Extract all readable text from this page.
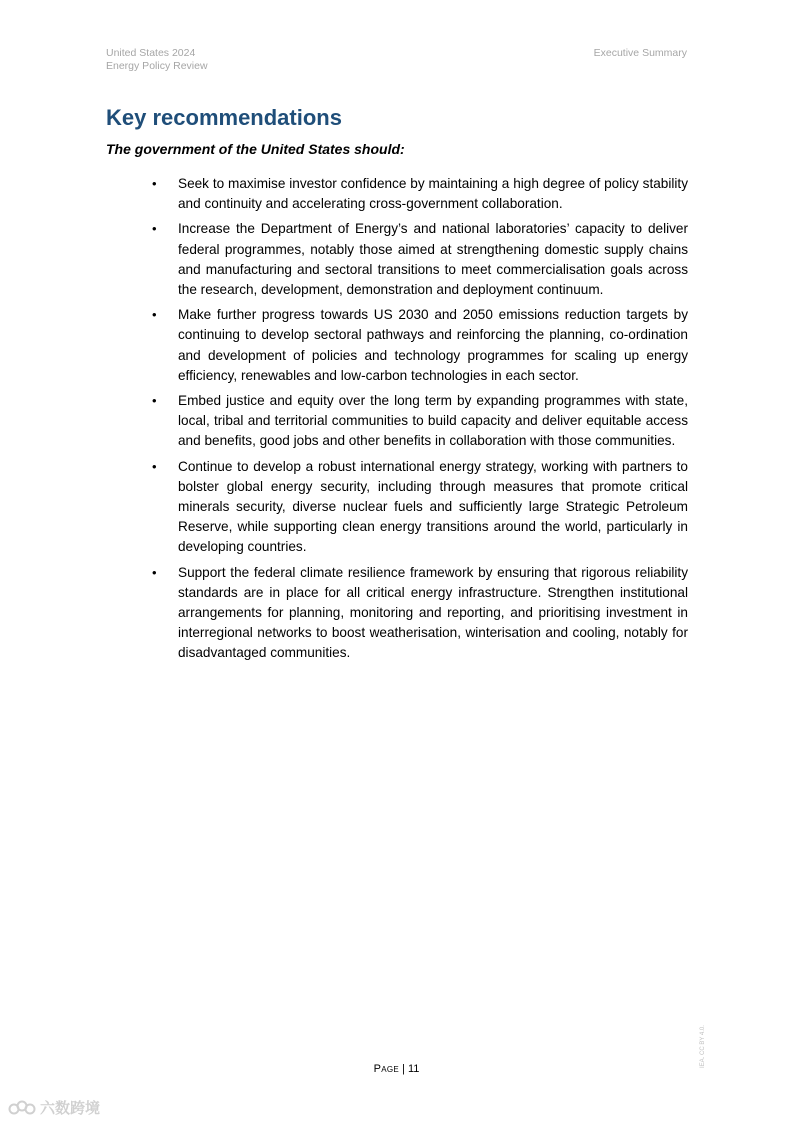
United States 2024
Energy Policy Review
Executive Summary
Key recommendations

The government of the United States should:

• Seek to maximise investor confidence by maintaining a high degree of policy stability and continuity and accelerating cross-government collaboration.
• Increase the Department of Energy’s and national laboratories’ capacity to deliver federal programmes, notably those aimed at strengthening domestic supply chains and manufacturing and sectoral transitions to meet commercialisation goals across the research, development, demonstration and deployment continuum.
• Make further progress towards US 2030 and 2050 emissions reduction targets by continuing to develop sectoral pathways and reinforcing the planning, co-ordination and development of policies and technology programmes for scaling up energy efficiency, renewables and low-carbon technologies in each sector.
• Embed justice and equity over the long term by expanding programmes with state, local, tribal and territorial communities to build capacity and deliver equitable access and benefits, good jobs and other benefits in collaboration with those communities.
• Continue to develop a robust international energy strategy, working with partners to bolster global energy security, including through measures that promote critical minerals security, diverse nuclear fuels and sufficiently large Strategic Petroleum Reserve, while supporting clean energy transitions around the world, particularly in developing countries.
• Support the federal climate resilience framework by ensuring that rigorous reliability standards are in place for all critical energy infrastructure. Strengthen institutional arrangements for planning, monitoring and reporting, and prioritising investment in interregional networks to boost weatherisation, winterisation and cooling, notably for disadvantaged communities.
Page | 11
IEA. CC BY 4.0.
六数跨境
